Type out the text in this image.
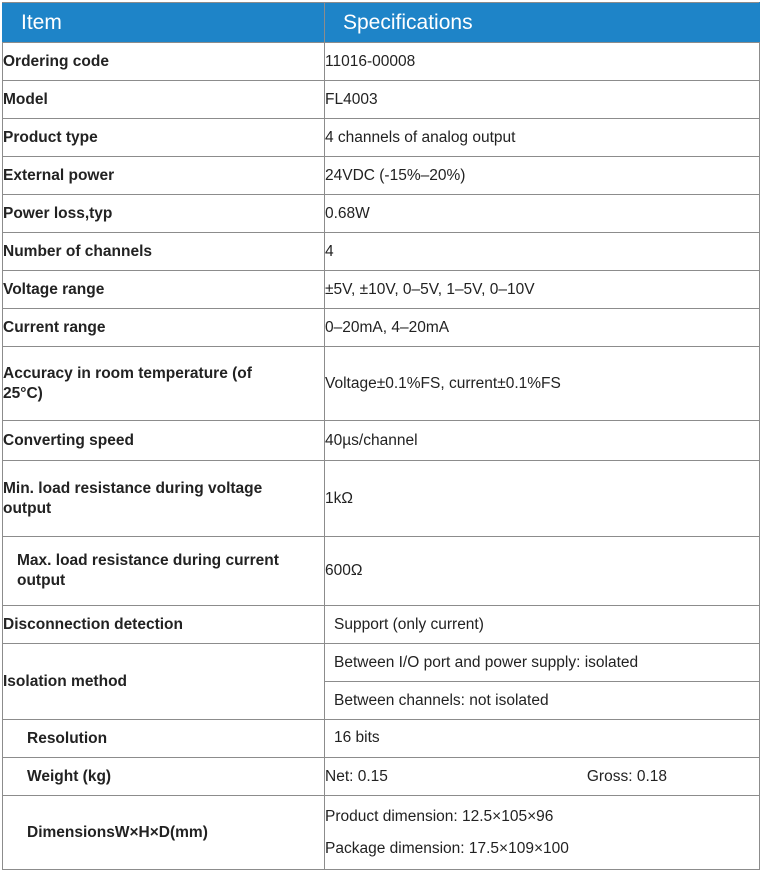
Item	Specifications
Ordering code	11016-00008
Model	FL4003
Product type	4 channels of analog output
External power	24VDC (-15%–20%)
Power loss,typ	0.68W
Number of channels	4
Voltage range	±5V, ±10V, 0–5V, 1–5V, 0–10V
Current range	0–20mA, 4–20mA
Accuracy in room temperature (of 25°C)	Voltage±0.1%FS, current±0.1%FS
Converting speed	40µs/channel
Min. load resistance during voltage output	1kΩ
Max. load resistance during current output	600Ω
Disconnection detection	Support (only current)
Isolation method	Between I/O port and power supply: isolated
	Between channels: not isolated
Resolution	16 bits
Weight (kg)	Net: 0.15 Gross: 0.18

DimensionsW×H×D(mm)	Product dimension: 12.5×105×96
Package dimension: 17.5×109×100
